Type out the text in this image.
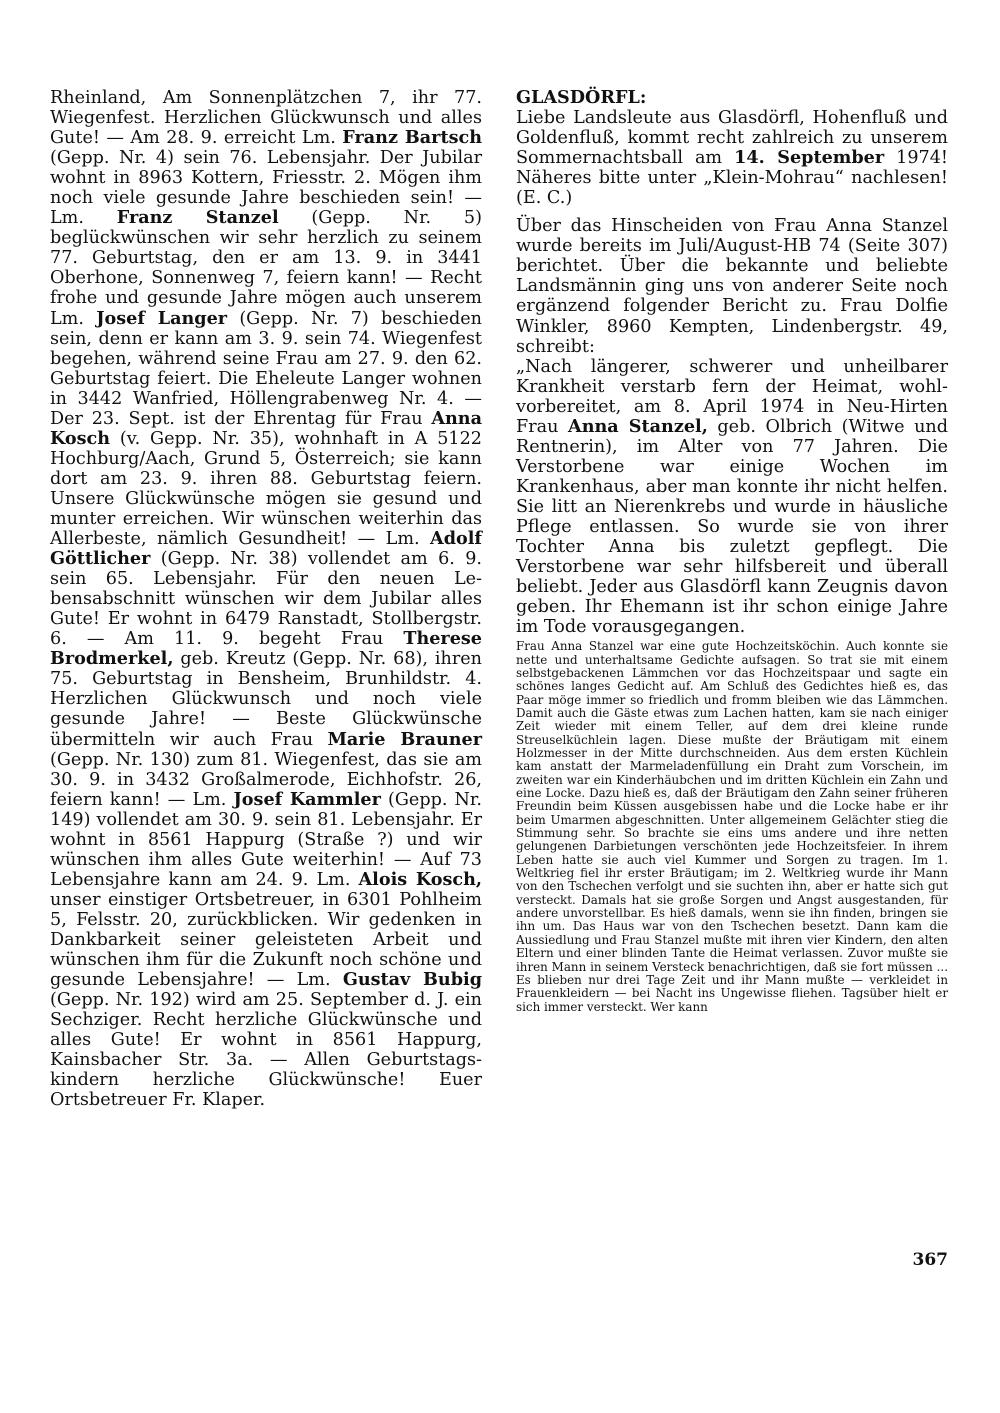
Rheinland, Am Sonnenplätzchen 7, ihr 77. Wiegenfest. Herzlichen Glückwunsch und alles Gute! — Am 28. 9. erreicht Lm. Franz Bartsch (Gepp. Nr. 4) sein 76. Lebensjahr. Der Jubilar wohnt in 8963 Kottern, Friesstr. 2. Mögen ihm noch viele gesunde Jahre beschieden sein! — Lm. Franz Stanzel (Gepp. Nr. 5) beglückwünschen wir sehr herzlich zu seinem 77. Geburtstag, den er am 13. 9. in 3441 Oberhone, Sonnenweg 7, feiern kann! — Recht frohe und gesunde Jahre mögen auch unserem Lm. Josef Langer (Gepp. Nr. 7) beschieden sein, denn er kann am 3. 9. sein 74. Wiegenfest begehen, während seine Frau am 27. 9. den 62. Geburtstag feiert. Die Eheleute Langer wohnen in 3442 Wanfried, Höllengrabenweg Nr. 4. — Der 23. Sept. ist der Ehrentag für Frau Anna Kosch (v. Gepp. Nr. 35), wohnhaft in A 5122 Hochburg/Aach, Grund 5, Österreich; sie kann dort am 23. 9. ihren 88. Geburtstag feiern. Unsere Glückwünsche mögen sie gesund und munter erreichen. Wir wünschen weiterhin das Allerbeste, nämlich Gesundheit! — Lm. Adolf Göttlicher (Gepp. Nr. 38) vollendet am 6. 9. sein 65. Lebensjahr. Für den neuen Lebensabschnitt wünschen wir dem Jubilar alles Gute! Er wohnt in 6479 Ranstadt, Stollbergstr. 6. — Am 11. 9. begeht Frau Therese Brodmerkel, geb. Kreutz (Gepp. Nr. 68), ihren 75. Geburtstag in Bensheim, Brunhildstr. 4. Herzlichen Glückwunsch und noch viele gesunde Jahre! — Beste Glückwünsche übermitteln wir auch Frau Marie Brauner (Gepp. Nr. 130) zum 81. Wiegenfest, das sie am 30. 9. in 3432 Großalmerode, Eichhofstr. 26, feiern kann! — Lm. Josef Kammler (Gepp. Nr. 149) vollendet am 30. 9. sein 81. Lebensjahr. Er wohnt in 8561 Happurg (Straße ?) und wir wünschen ihm alles Gute weiterhin! — Auf 73 Lebensjahre kann am 24. 9. Lm. Alois Kosch, unser einstiger Ortsbetreuer, in 6301 Pohlheim 5, Felsstr. 20, zurückblicken. Wir gedenken in Dankbarkeit seiner geleisteten Arbeit und wünschen ihm für die Zukunft noch schöne und gesunde Lebensjahre! — Lm. Gustav Bubig (Gepp. Nr. 192) wird am 25. September d. J. ein Sechziger. Recht herzliche Glückwünsche und alles Gute! Er wohnt in 8561 Happurg, Kainsbacher Str. 3a. — Allen Geburtstagskindern herzliche Glückwünsche! Euer Ortsbetreuer Fr. Klaper.

GLASDÖRFL:

Liebe Landsleute aus Glasdörfl, Hohenfluß und Goldenfluß, kommt recht zahlreich zu unserem Sommernachtsball am 14. September 1974! Näheres bitte unter „Klein-Mohrau“ nachlesen! (E. C.)

Über das Hinscheiden von Frau Anna Stanzel wurde bereits im Juli/August-HB 74 (Seite 307) berichtet. Über die bekannte und beliebte Landsmännin ging uns von anderer Seite noch ergänzend folgender Bericht zu. Frau Dolfie Winkler, 8960 Kempten, Lindenbergstr. 49, schreibt:

„Nach längerer, schwerer und unheilbarer Krankheit verstarb fern der Heimat, wohlvorbereitet, am 8. April 1974 in Neu-Hirten Frau Anna Stanzel, geb. Olbrich (Witwe und Rentnerin), im Alter von 77 Jahren. Die Verstorbene war einige Wochen im Krankenhaus, aber man konnte ihr nicht helfen. Sie litt an Nierenkrebs und wurde in häusliche Pflege entlassen. So wurde sie von ihrer Tochter Anna bis zuletzt gepflegt. Die Verstorbene war sehr hilfsbereit und überall beliebt. Jeder aus Glasdörfl kann Zeugnis davon geben. Ihr Ehemann ist ihr schon einige Jahre im Tode vorausgegangen.

Frau Anna Stanzel war eine gute Hochzeitsköchin. Auch konnte sie nette und unterhaltsame Gedichte aufsagen. So trat sie mit einem selbstgebackenen Lämmchen vor das Hochzeitspaar und sagte ein schönes langes Gedicht auf. Am Schluß des Gedichtes hieß es, das Paar möge immer so friedlich und fromm bleiben wie das Lämmchen. Damit auch die Gäste etwas zum Lachen hatten, kam sie nach einiger Zeit wieder mit einem Teller, auf dem drei kleine runde Streuselküchlein lagen. Diese mußte der Bräutigam mit einem Holzmesser in der Mitte durchschneiden. Aus dem ersten Küchlein kam anstatt der Marmeladenfüllung ein Draht zum Vorschein, im zweiten war ein Kinderhäubchen und im dritten Küchlein ein Zahn und eine Locke. Dazu hieß es, daß der Bräutigam den Zahn seiner früheren Freundin beim Küssen ausgebissen habe und die Locke habe er ihr beim Umarmen abgeschnitten. Unter allgemeinem Gelächter stieg die Stimmung sehr. So brachte sie eins ums andere und ihre netten gelungenen Darbietungen verschönten jede Hochzeitsfeier. In ihrem Leben hatte sie auch viel Kummer und Sorgen zu tragen. Im 1. Weltkrieg fiel ihr erster Bräutigam; im 2. Weltkrieg wurde ihr Mann von den Tschechen verfolgt und sie suchten ihn, aber er hatte sich gut versteckt. Damals hat sie große Sorgen und Angst ausgestanden, für andere unvorstellbar. Es hieß damals, wenn sie ihn finden, bringen sie ihn um. Das Haus war von den Tschechen besetzt. Dann kam die Aussiedlung und Frau Stanzel mußte mit ihren vier Kindern, den alten Eltern und einer blinden Tante die Heimat verlassen. Zuvor mußte sie ihren Mann in seinem Versteck benachrichtigen, daß sie fort müssen ... Es blieben nur drei Tage Zeit und ihr Mann mußte — verkleidet in Frauenkleidern — bei Nacht ins Ungewisse fliehen. Tagsüber hielt er sich immer versteckt. Wer kann

367
